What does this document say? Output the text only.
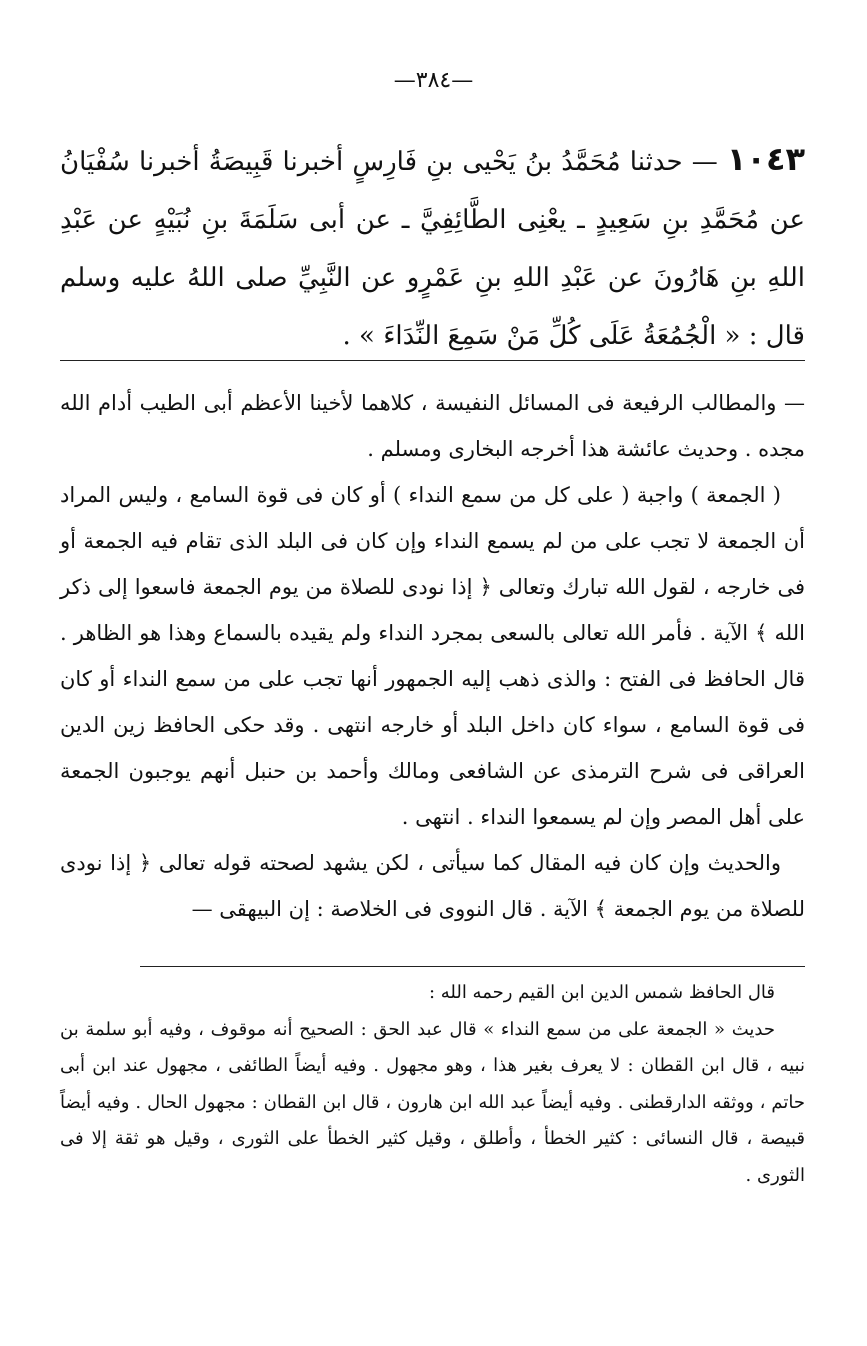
—٣٨٤—
١٠٤٣ — حدثنا مُحَمَّدُ بنُ يَحْيى بنِ فَارِسٍ أخبرنا قَبِيصَةُ أخبرنا سُفْيَانُ عن مُحَمَّدِ بنِ سَعِيدٍ ـ يعْنِى الطَّائِفِيَّ ـ عن أبى سَلَمَةَ بنِ نُبَيْهٍ عن عَبْدِ اللهِ بنِ هَارُونَ عن عَبْدِ اللهِ بنِ عَمْرٍو عن النَّبِيِّ صلى اللهُ عليه وسلم قال : « الْجُمُعَةُ عَلَى كُلِّ مَنْ سَمِعَ النِّدَاءَ » .

— والمطالب الرفيعة فى المسائل النفيسة ، كلاهما لأخينا الأعظم أبى الطيب أدام الله مجده . وحديث عائشة هذا أخرجه البخارى ومسلم .

( الجمعة ) واجبة ( على كل من سمع النداء ) أو كان فى قوة السامع ، وليس المراد أن الجمعة لا تجب على من لم يسمع النداء وإن كان فى البلد الذى تقام فيه الجمعة أو فى خارجه ، لقول الله تبارك وتعالى ﴿ إذا نودى للصلاة من يوم الجمعة فاسعوا إلى ذكر الله ﴾ الآية . فأمر الله تعالى بالسعى بمجرد النداء ولم يقيده بالسماع وهذا هو الظاهر . قال الحافظ فى الفتح : والذى ذهب إليه الجمهور أنها تجب على من سمع النداء أو كان فى قوة السامع ، سواء كان داخل البلد أو خارجه انتهى . وقد حكى الحافظ زين الدين العراقى فى شرح الترمذى عن الشافعى ومالك وأحمد بن حنبل أنهم يوجبون الجمعة على أهل المصر وإن لم يسمعوا النداء . انتهى .

والحديث وإن كان فيه المقال كما سيأتى ، لكن يشهد لصحته قوله تعالى ﴿ إذا نودى للصلاة من يوم الجمعة ﴾ الآية . قال النووى فى الخلاصة : إن البيهقى —

قال الحافظ شمس الدين ابن القيم رحمه الله :

حديث « الجمعة على من سمع النداء » قال عبد الحق : الصحيح أنه موقوف ، وفيه أبو سلمة بن نبيه ، قال ابن القطان : لا يعرف بغير هذا ، وهو مجهول . وفيه أيضاً الطائفى ، مجهول عند ابن أبى حاتم ، ووثقه الدارقطنى . وفيه أيضاً عبد الله ابن هارون ، قال ابن القطان : مجهول الحال . وفيه أيضاً قبيصة ، قال النسائى : كثير الخطأ ، وأطلق ، وقيل كثير الخطأ على الثورى ، وقيل هو ثقة إلا فى الثورى .
